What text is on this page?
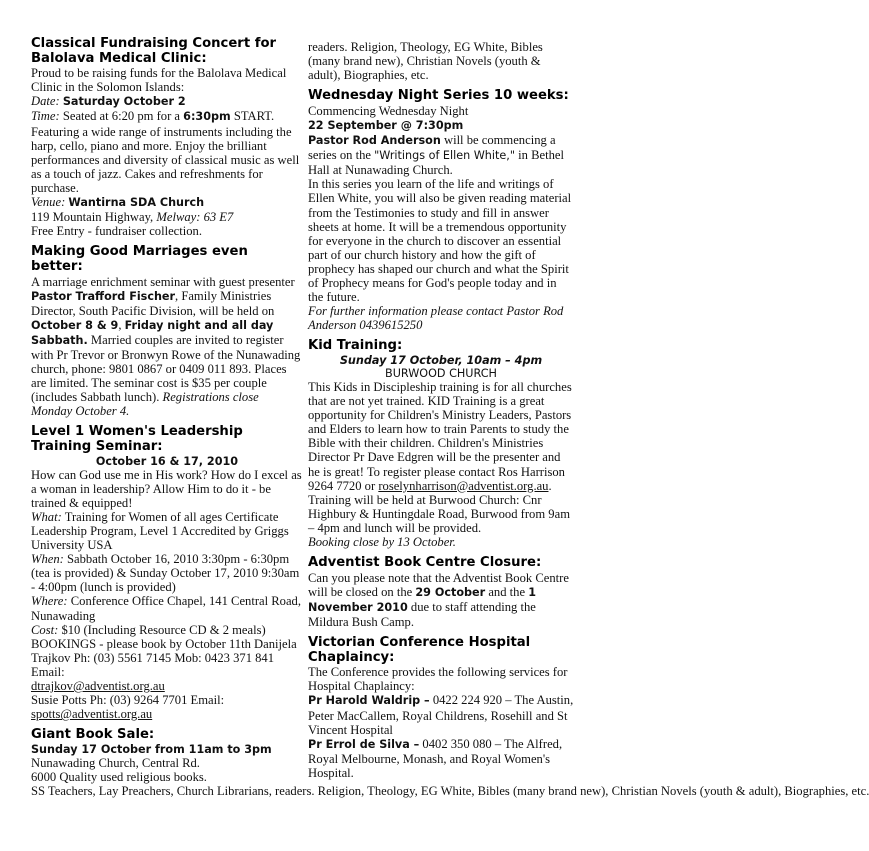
Classical Fundraising Concert for Balolava Medical Clinic:

Proud to be raising funds for the Balolava Medical Clinic in the Solomon Islands:
Date: Saturday October 2
Time: Seated at 6:20 pm for a 6:30pm START.
Featuring a wide range of instruments including the harp, cello, piano and more. Enjoy the brilliant performances and diversity of classical music as well as a touch of jazz. Cakes and refreshments for purchase.
Venue: Wantirna SDA Church
119 Mountain Highway, Melway: 63 E7
Free Entry - fundraiser collection.

Making Good Marriages even better:

A marriage enrichment seminar with guest presenter Pastor Trafford Fischer, Family Ministries Director, South Pacific Division, will be held on October 8 & 9, Friday night and all day Sabbath. Married couples are invited to register with Pr Trevor or Bronwyn Rowe of the Nunawading church, phone: 9801 0867 or 0409 011 893. Places are limited. The seminar cost is $35 per couple (includes Sabbath lunch). Registrations close Monday October 4.

Level 1 Women's Leadership Training Seminar:
October 16 & 17, 2010

How can God use me in His work? How do I excel as a woman in leadership? Allow Him to do it - be trained & equipped!
What: Training for Women of all ages Certificate Leadership Program, Level 1 Accredited by Griggs University USA
When: Sabbath October 16, 2010 3:30pm - 6:30pm (tea is provided) & Sunday October 17, 2010 9:30am - 4:00pm (lunch is provided)
Where: Conference Office Chapel, 141 Central Road, Nunawading
Cost: $10 (Including Resource CD & 2 meals)
BOOKINGS - please book by October 11th Danijela Trajkov Ph: (03) 5561 7145 Mob: 0423 371 841 Email:
dtrajkov@adventist.org.au
Susie Potts Ph: (03) 9264 7701 Email:
spotts@adventist.org.au

Giant Book Sale:
Sunday 17 October from 11am to 3pm

Nunawading Church, Central Rd.
6000 Quality used religious books.
SS Teachers, Lay Preachers, Church Librarians, readers. Religion, Theology, EG White, Bibles (many brand new), Christian Novels (youth & adult), Biographies, etc.

readers. Religion, Theology, EG White, Bibles (many brand new), Christian Novels (youth & adult), Biographies, etc.

Wednesday Night Series 10 weeks:

Commencing Wednesday Night
22 September @ 7:30pm
Pastor Rod Anderson will be commencing a series on the "Writings of Ellen White," in Bethel Hall at Nunawading Church.
In this series you learn of the life and writings of Ellen White, you will also be given reading material from the Testimonies to study and fill in answer sheets at home. It will be a tremendous opportunity for everyone in the church to discover an essential part of our church history and how the gift of prophecy has shaped our church and what the Spirit of Prophecy means for God's people today and in the future.
For further information please contact Pastor Rod Anderson 0439615250

Kid Training:
Sunday 17 October, 10am – 4pm
BURWOOD CHURCH

This Kids in Discipleship training is for all churches that are not yet trained. KID Training is a great opportunity for Children's Ministry Leaders, Pastors and Elders to learn how to train Parents to study the Bible with their children. Children's Ministries Director Pr Dave Edgren will be the presenter and he is great! To register please contact Ros Harrison 9264 7720 or roselynharrison@adventist.org.au.
Training will be held at Burwood Church: Cnr Highbury & Huntingdale Road, Burwood from 9am – 4pm and lunch will be provided.
Booking close by 13 October.

Adventist Book Centre Closure:

Can you please note that the Adventist Book Centre will be closed on the 29 October and the 1 November 2010 due to staff attending the Mildura Bush Camp.

Victorian Conference Hospital Chaplaincy:

The Conference provides the following services for Hospital Chaplaincy:
Pr Harold Waldrip – 0422 224 920 – The Austin, Peter MacCallem, Royal Childrens, Rosehill and St Vincent Hospital
Pr Errol de Silva – 0402 350 080 – The Alfred, Royal Melbourne, Monash, and Royal Women's Hospital.
